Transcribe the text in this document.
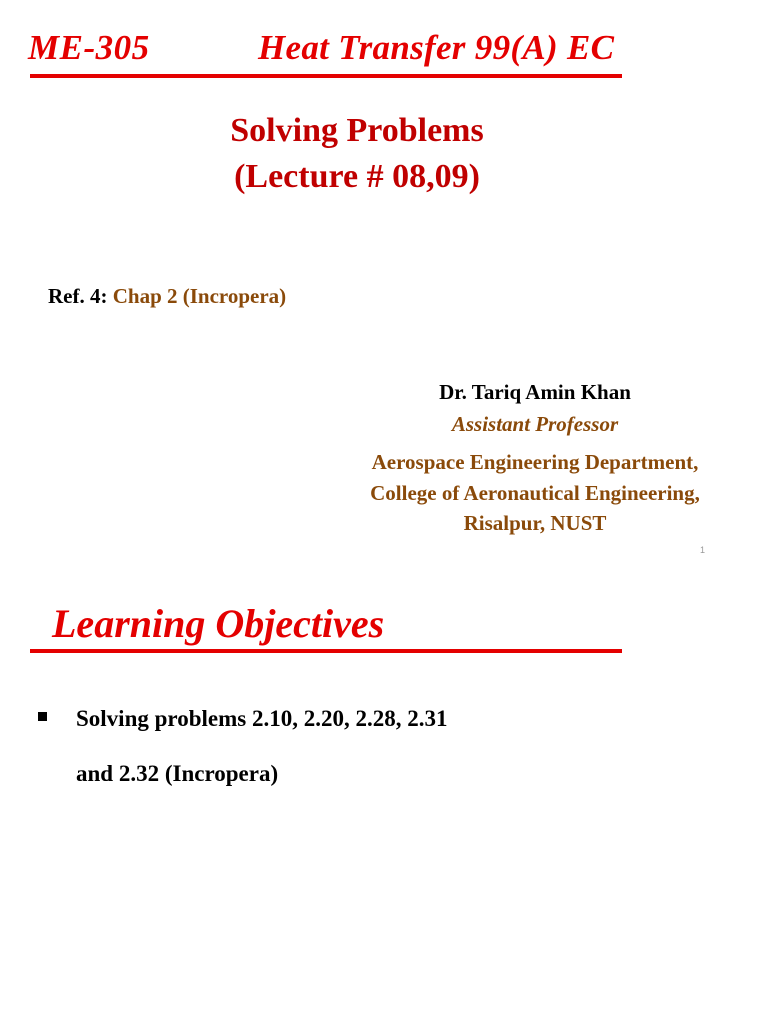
ME-305	Heat Transfer 99(A) EC
Solving Problems
(Lecture # 08,09)
Ref. 4: Chap 2 (Incropera)
Dr. Tariq Amin Khan
Assistant Professor
Aerospace Engineering Department,
College of Aeronautical Engineering,
Risalpur, NUST
1
Learning Objectives
Solving problems 2.10, 2.20, 2.28, 2.31
and 2.32 (Incropera)
